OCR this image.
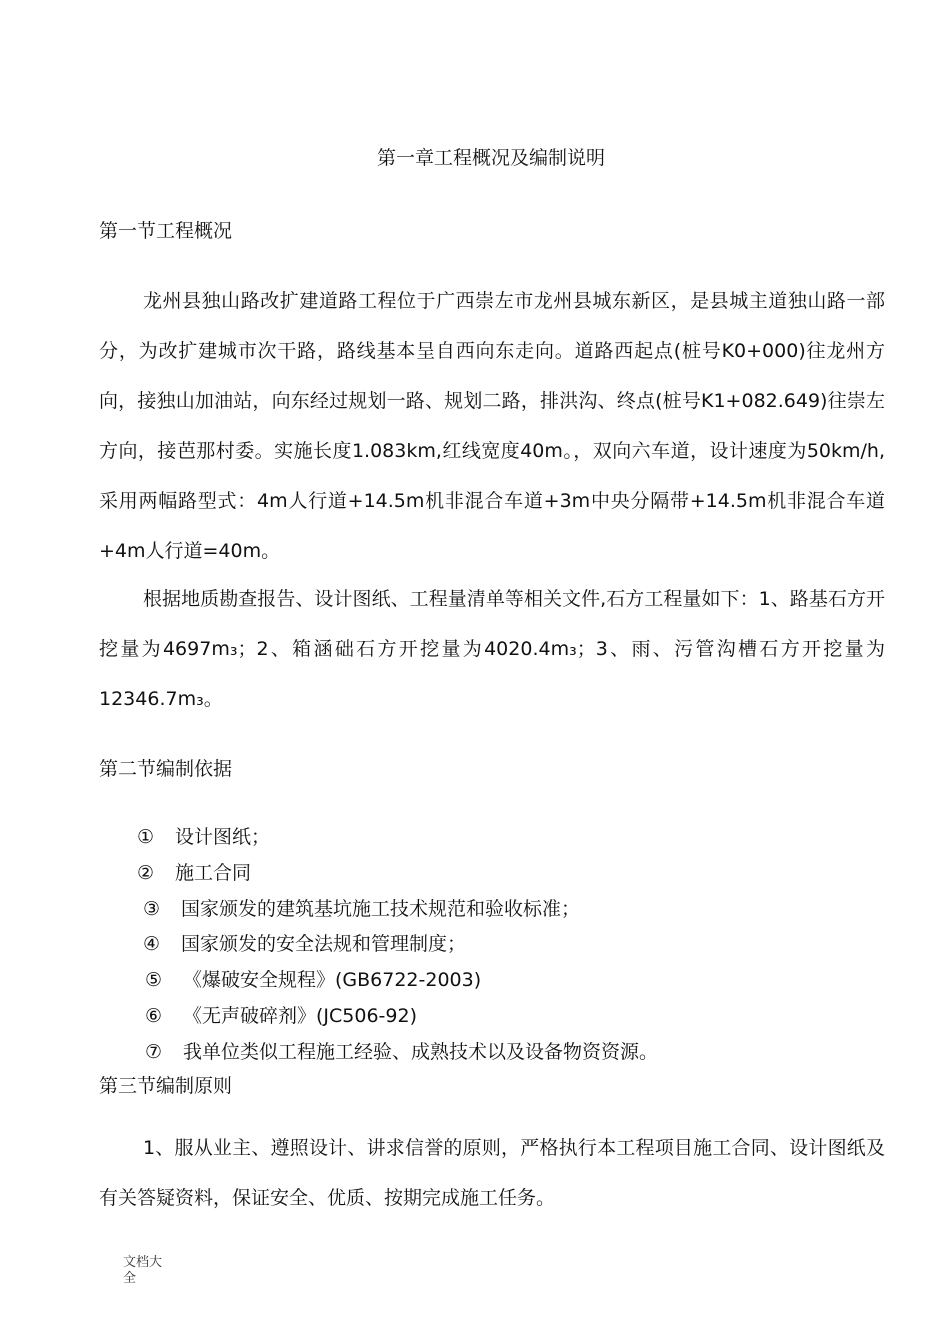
第一章工程概况及编制说明
第一节工程概况

龙州县独山路改扩建道路工程位于广西崇左市龙州县城东新区，是县城主道独山路一部分，为改扩建城市次干路，路线基本呈自西向东走向。道路西起点(桩号K0+000)往龙州方向，接独山加油站，向东经过规划一路、规划二路，排洪沟、终点(桩号K1+082.649)往崇左方向，接芭那村委。实施长度1.083km,红线宽度40m。，双向六车道，设计速度为50km/h,采用两幅路型式：4m人行道+14.5m机非混合车道+3m中央分隔带+14.5m机非混合车道+4m人行道=40m。

根据地质勘查报告、设计图纸、工程量清单等相关文件,石方工程量如下：1、路基石方开挖量为4697m₃；2、箱涵础石方开挖量为4020.4m₃；3、雨、污管沟槽石方开挖量为12346.7m₃。

第二节编制依据
① 设计图纸；
② 施工合同
③ 国家颁发的建筑基坑施工技术规范和验收标准；
④ 国家颁发的安全法规和管理制度；
⑤ 《爆破安全规程》(GB6722-2003)
⑥ 《无声破碎剂》(JC506-92)
⑦ 我单位类似工程施工经验、成熟技术以及设备物资资源。
第三节编制原则

1、服从业主、遵照设计、讲求信誉的原则，严格执行本工程项目施工合同、设计图纸及有关答疑资料，保证安全、优质、按期完成施工任务。

文档大
全
